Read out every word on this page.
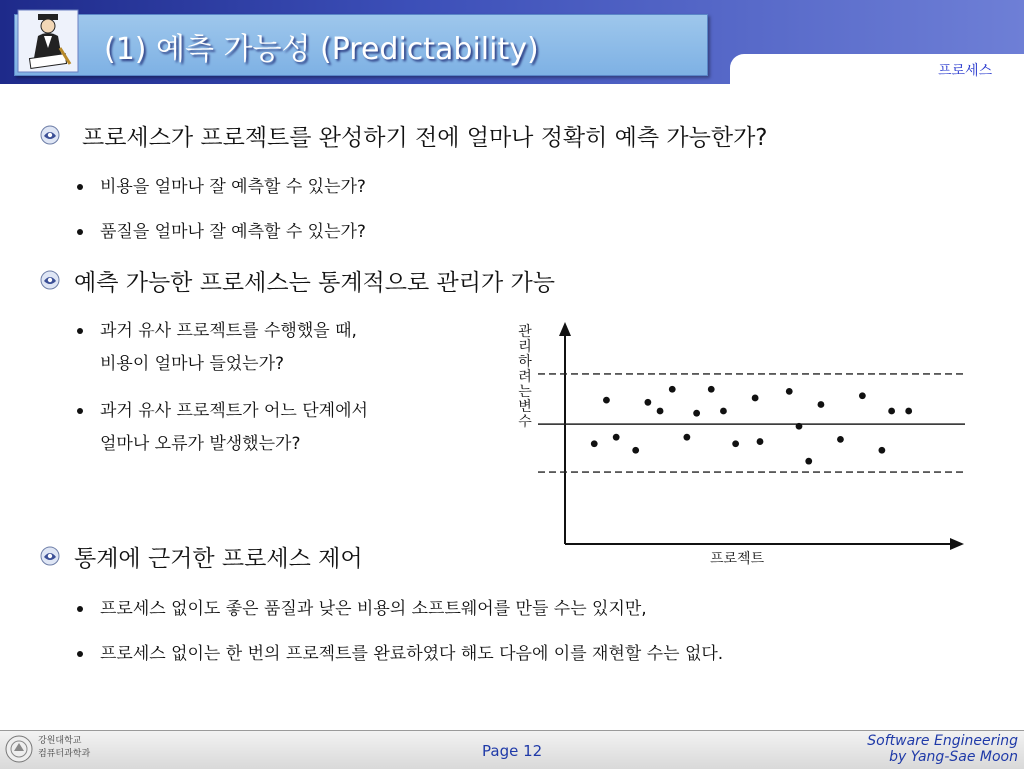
(1) 예측 가능성 (Predictability)
프로세스
프로세스가 프로젝트를 완성하기 전에 얼마나 정확히 예측 가능한가?
비용을 얼마나 잘 예측할 수 있는가?
품질을 얼마나 잘 예측할 수 있는가?
예측 가능한 프로세스는 통계적으로 관리가 가능
과거 유사 프로젝트를 수행했을 때,
비용이 얼마나 들었는가?
과거 유사 프로젝트가 어느 단계에서
얼마나 오류가 발생했는가?
관리하려는 변수
프로젝트
통계에 근거한 프로세스 제어
프로세스 없이도 좋은 품질과 낮은 비용의 소프트웨어를 만들 수는 있지만,
프로세스 없이는 한 번의 프로젝트를 완료하였다 해도 다음에 이를 재현할 수는 없다.
강원대학교
컴퓨터과학과	Page 12
Software Engineering
by Yang-Sae Moon
